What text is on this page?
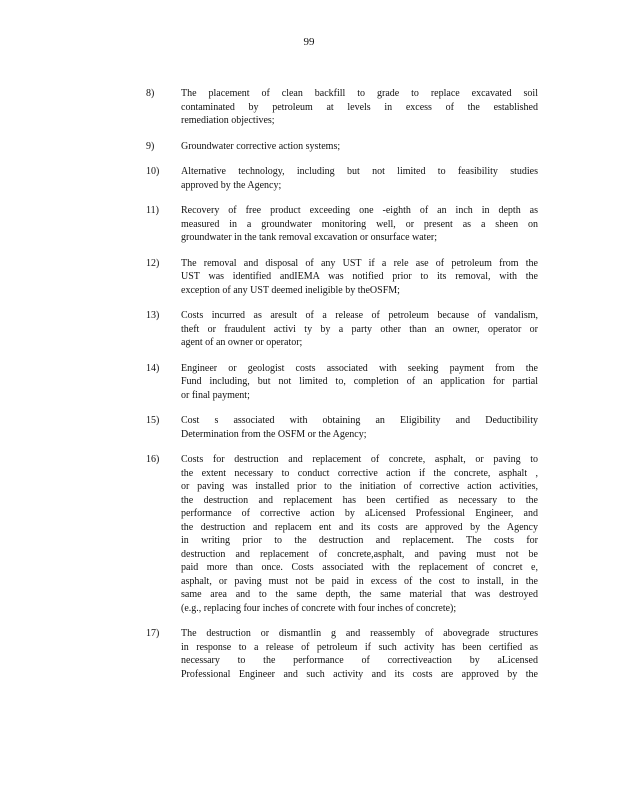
99
8)	The placement of clean backfill to grade to replace excavated soil
contaminated by petroleum at levels in excess of the established
remediation objectives;
9)	Groundwater corrective action systems;
10)	Alternative technology, including but not limited to feasibility studies
approved by the Agency;
11)	Recovery of free product exceeding one -eighth of an inch in depth as
measured in a groundwater monitoring well, or present as a sheen on
groundwater in the tank removal excavation or onsurface water;
12)	The removal and disposal of any UST if a rele ase of petroleum from the
UST was identified andIEMA was notified prior to its removal, with the
exception of any UST deemed ineligible by theOSFM;
13)	Costs incurred as aresult of a release of petroleum because of vandalism,
theft or fraudulent activi ty by a party other than an owner, operator or
agent of an owner or operator;
14)	Engineer or geologist costs associated with seeking payment from the
Fund including, but not limited to, completion of an application for partial
or final payment;
15)	Cost s associated with obtaining an Eligibility and Deductibility
Determination from the OSFM or the Agency;
16)	Costs for destruction and replacement of concrete, asphalt, or paving to
the extent necessary to conduct corrective action if the concrete, asphalt ,
or paving was installed prior to the initiation of corrective action activities,
the destruction and replacement has been certified as necessary to the
performance of corrective action by aLicensed Professional Engineer, and
the destruction and replacem ent and its costs are approved by the Agency
in writing prior to the destruction and replacement. The costs for
destruction and replacement of concrete,asphalt, and paving must not be
paid more than once. Costs associated with the replacement of concret e,
asphalt, or paving must not be paid in excess of the cost to install, in the
same area and to the same depth, the same material that was destroyed
(e.g., replacing four inches of concrete with four inches of concrete);
17)	The destruction or dismantlin g and reassembly of abovegrade structures
in response to a release of petroleum if such activity has been certified as
necessary to the performance of correctiveaction by aLicensed
Professional Engineer and such activity and its costs are approved by the
